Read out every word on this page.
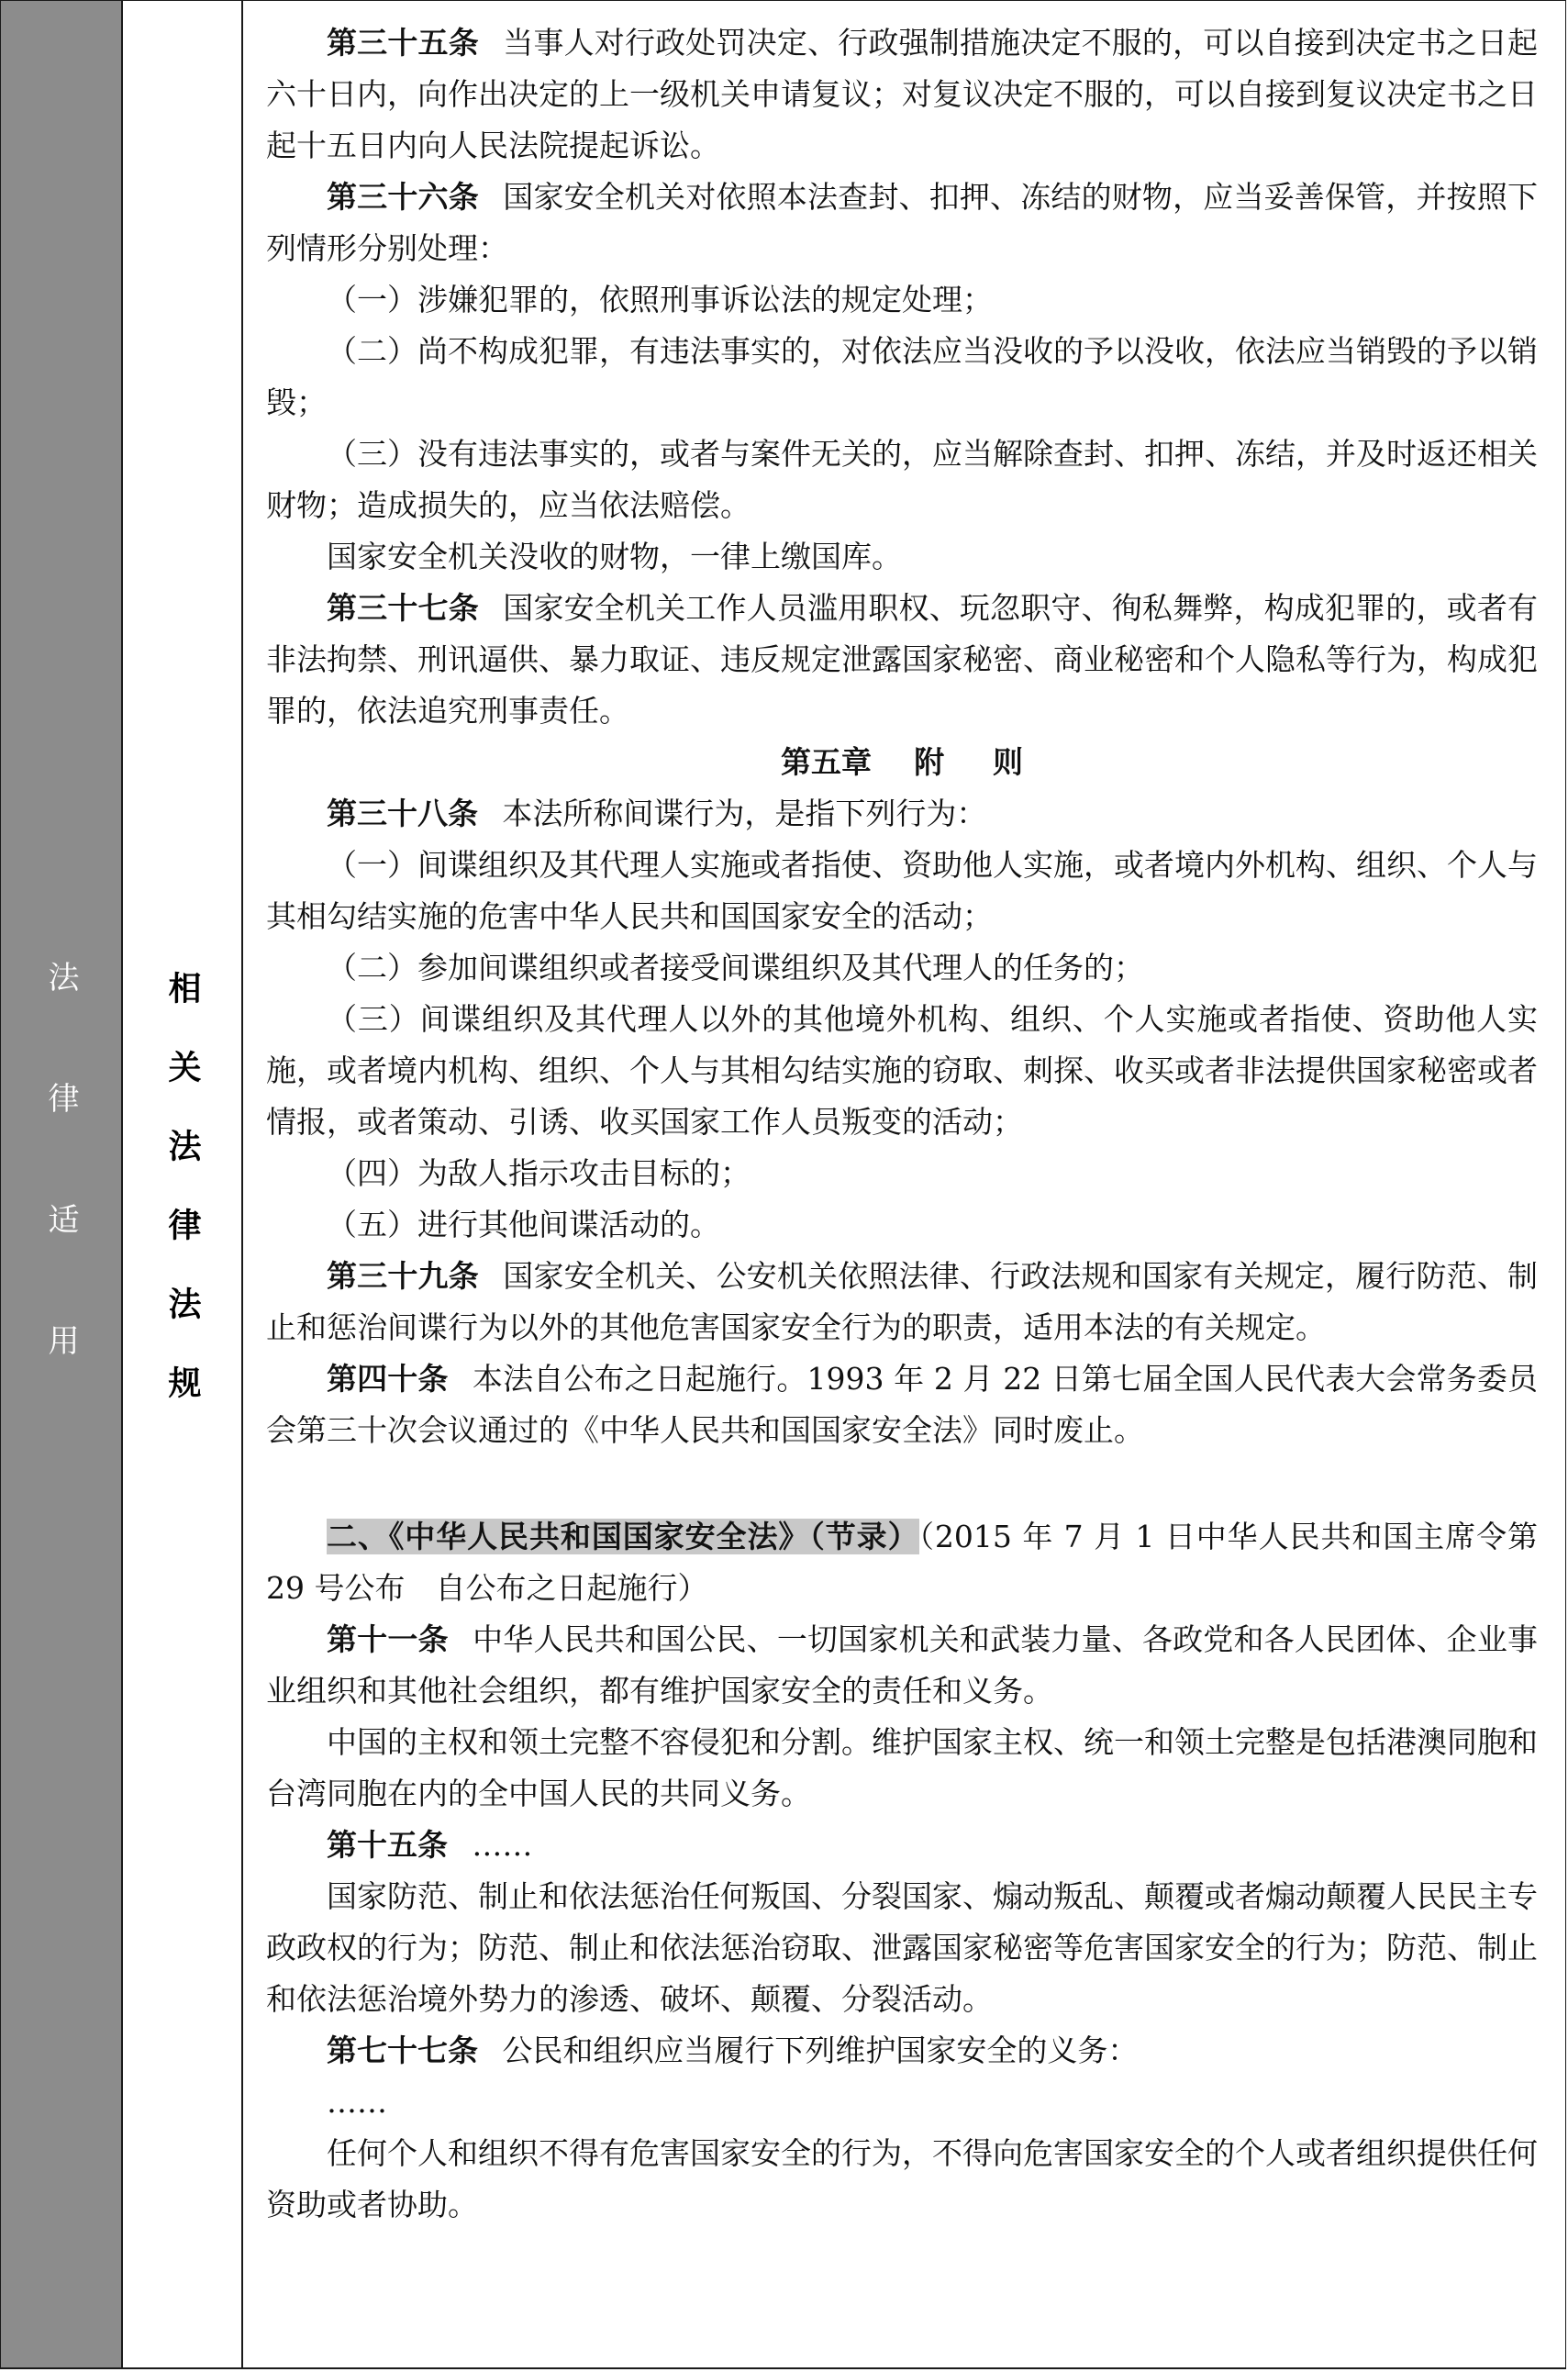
法律适用	相关法律法规

第三十五条 当事人对行政处罚决定、行政强制措施决定不服的，可以自接到决定书之日起六十日内，向作出决定的上一级机关申请复议；对复议决定不服的，可以自接到复议决定书之日起十五日内向人民法院提起诉讼。

第三十六条 国家安全机关对依照本法查封、扣押、冻结的财物，应当妥善保管，并按照下列情形分别处理：

（一）涉嫌犯罪的，依照刑事诉讼法的规定处理；

（二）尚不构成犯罪，有违法事实的，对依法应当没收的予以没收，依法应当销毁的予以销毁；

（三）没有违法事实的，或者与案件无关的，应当解除查封、扣押、冻结，并及时返还相关财物；造成损失的，应当依法赔偿。

国家安全机关没收的财物，一律上缴国库。

第三十七条 国家安全机关工作人员滥用职权、玩忽职守、徇私舞弊，构成犯罪的，或者有非法拘禁、刑讯逼供、暴力取证、违反规定泄露国家秘密、商业秘密和个人隐私等行为，构成犯罪的，依法追究刑事责任。

第五章 附 则

第三十八条 本法所称间谍行为，是指下列行为：

（一）间谍组织及其代理人实施或者指使、资助他人实施，或者境内外机构、组织、个人与其相勾结实施的危害中华人民共和国国家安全的活动；

（二）参加间谍组织或者接受间谍组织及其代理人的任务的；

（三）间谍组织及其代理人以外的其他境外机构、组织、个人实施或者指使、资助他人实施，或者境内机构、组织、个人与其相勾结实施的窃取、刺探、收买或者非法提供国家秘密或者情报，或者策动、引诱、收买国家工作人员叛变的活动；

（四）为敌人指示攻击目标的；

（五）进行其他间谍活动的。

第三十九条 国家安全机关、公安机关依照法律、行政法规和国家有关规定，履行防范、制止和惩治间谍行为以外的其他危害国家安全行为的职责，适用本法的有关规定。

第四十条 本法自公布之日起施行。1993 年 2 月 22 日第七届全国人民代表大会常务委员会第三十次会议通过的《中华人民共和国国家安全法》同时废止。

二、《中华人民共和国国家安全法》（节录）（2015 年 7 月 1 日中华人民共和国主席令第 29 号公布　自公布之日起施行）

第十一条 中华人民共和国公民、一切国家机关和武装力量、各政党和各人民团体、企业事业组织和其他社会组织，都有维护国家安全的责任和义务。

中国的主权和领土完整不容侵犯和分割。维护国家主权、统一和领土完整是包括港澳同胞和台湾同胞在内的全中国人民的共同义务。

第十五条 ……

国家防范、制止和依法惩治任何叛国、分裂国家、煽动叛乱、颠覆或者煽动颠覆人民民主专政政权的行为；防范、制止和依法惩治窃取、泄露国家秘密等危害国家安全的行为；防范、制止和依法惩治境外势力的渗透、破坏、颠覆、分裂活动。

第七十七条 公民和组织应当履行下列维护国家安全的义务：

……

任何个人和组织不得有危害国家安全的行为，不得向危害国家安全的个人或者组织提供任何资助或者协助。
